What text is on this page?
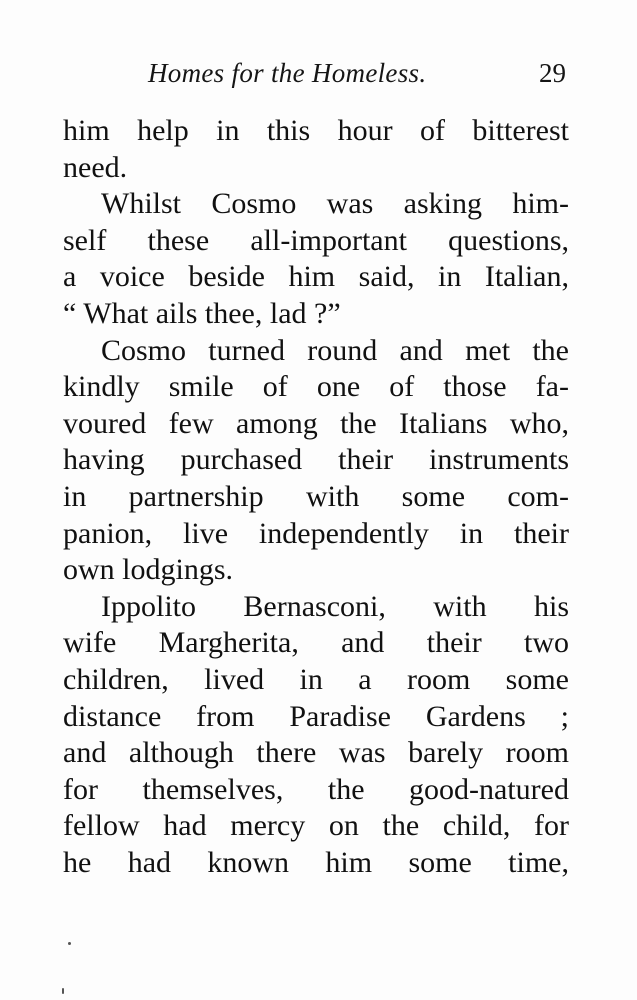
Homes for the Homeless.	29
him help in this hour of bitterest
need.
Whilst Cosmo was asking him-
self these all-important questions,
a voice beside him said, in Italian,
“ What ails thee, lad ?”
Cosmo turned round and met the
kindly smile of one of those fa-
voured few among the Italians who,
having purchased their instruments
in partnership with some com-
panion, live independently in their
own lodgings.
Ippolito Bernasconi, with his
wife Margherita, and their two
children, lived in a room some
distance from Paradise Gardens ;
and although there was barely room
for themselves, the good-natured
fellow had mercy on the child, for
he had known him some time,
